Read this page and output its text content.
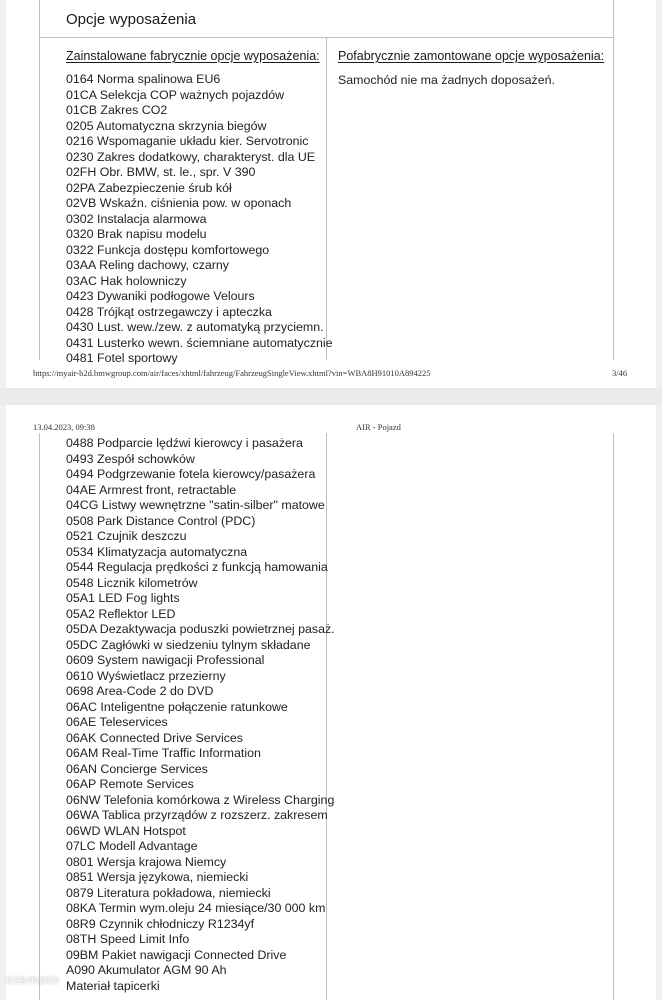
Opcje wyposażenia
Zainstalowane fabrycznie opcje wyposażenia: Pofabrycznie zamontowane opcje wyposażenia:
0164 Norma spalinowa EU6
01CA Selekcja COP ważnych pojazdów
01CB Zakres CO2
0205 Automatyczna skrzynia biegów
0216 Wspomaganie układu kier. Servotronic
0230 Zakres dodatkowy, charakteryst. dla UE
02FH Obr. BMW, st. le., spr. V 390
02PA Zabezpieczenie śrub kół
02VB Wskaźn. ciśnienia pow. w oponach
0302 Instalacja alarmowa
0320 Brak napisu modelu
0322 Funkcja dostępu komfortowego
03AA Reling dachowy, czarny
03AC Hak holowniczy
0423 Dywaniki podłogowe Velours
0428 Trójkąt ostrzegawczy i apteczka
0430 Lust. wew./zew. z automatyką przyciemn.
0431 Lusterko wewn. ściemniane automatycznie
0481 Fotel sportowy
Samochód nie ma żadnych doposażeń.
https://myair-b2d.bmwgroup.com/air/faces/xhtml/fahrzeug/FahrzeugSingleView.xhtml?vin=WBA8H91010A894225	3/46
13.04.2023, 09:38	AIR - Pojazd
0488 Podparcie lędźwi kierowcy i pasażera
0493 Zespół schowków
0494 Podgrzewanie fotela kierowcy/pasażera
04AE Armrest front, retractable
04CG Listwy wewnętrzne "satin-silber" matowe
0508 Park Distance Control (PDC)
0521 Czujnik deszczu
0534 Klimatyzacja automatyczna
0544 Regulacja prędkości z funkcją hamowania
0548 Licznik kilometrów
05A1 LED Fog lights
05A2 Reflektor LED
05DA Dezaktywacja poduszki powietrznej pasaż.
05DC Zagłówki w siedzeniu tylnym składane
0609 System nawigacji Professional
0610 Wyświetlacz przezierny
0698 Area-Code 2 do DVD
06AC Inteligentne połączenie ratunkowe
06AE Teleservices
06AK Connected Drive Services
06AM Real-Time Traffic Information
06AN Concierge Services
06AP Remote Services
06NW Telefonia komórkowa z Wireless Charging
06WA Tablica przyrządów z rozszerz. zakresem
06WD WLAN Hotspot
07LC Modell Advantage
0801 Wersja krajowa Niemcy
0851 Wersja językowa, niemiecki
0879 Literatura pokładowa, niemiecki
08KA Termin wym.oleju 24 miesiące/30 000 km
08R9 Czynnik chłodniczy R1234yf
08TH Speed Limit Info
09BM Pakiet nawigacji Connected Drive
A090 Akumulator AGM 90 Ah
Materiał tapicerki
otomoto
